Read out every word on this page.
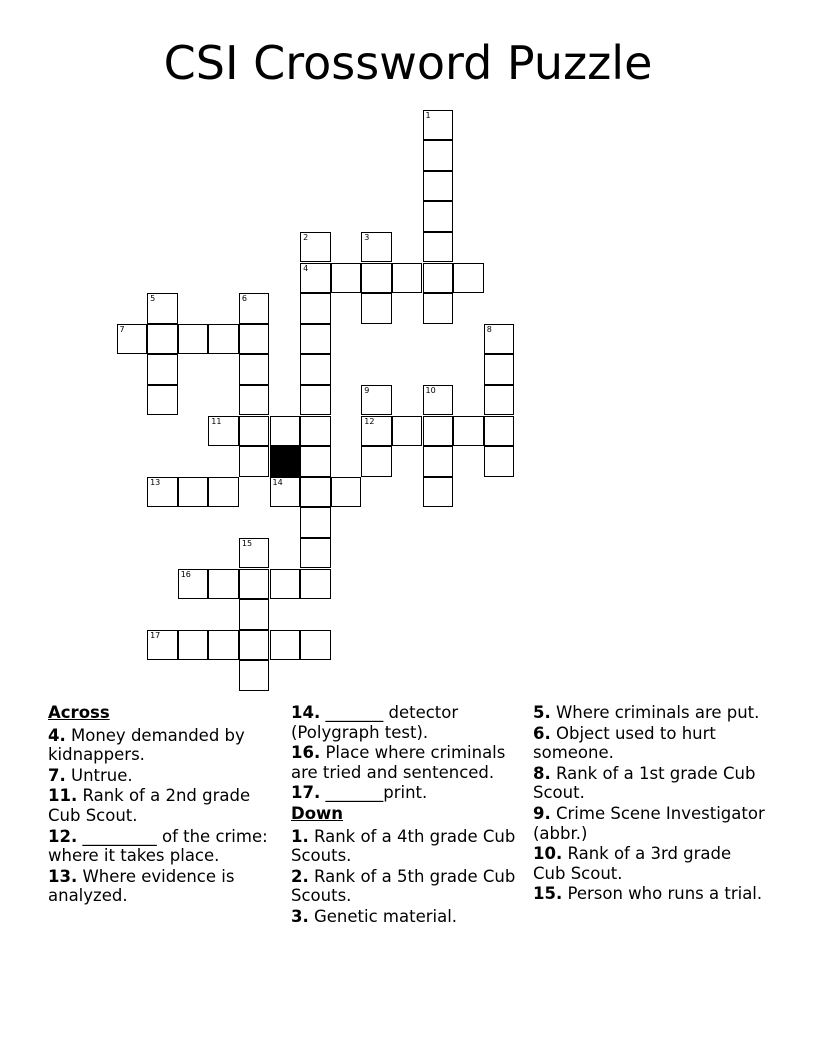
CSI Crossword Puzzle
1
2	3
4
5	6
7	8
9	10
11	12
13	14
15
16
17
Across
4. Money demanded by kidnappers.
7. Untrue.
11. Rank of a 2nd grade Cub Scout.
12. _________ of the crime: where it takes place.
13. Where evidence is analyzed.
14. _______ detector (Polygraph test).
16. Place where criminals are tried and sentenced.
17. _______print.
Down
1. Rank of a 4th grade Cub Scouts.
2. Rank of a 5th grade Cub Scouts.
3. Genetic material.
5. Where criminals are put.
6. Object used to hurt someone.
8. Rank of a 1st grade Cub Scout.
9. Crime Scene Investigator (abbr.)
10. Rank of a 3rd grade Cub Scout.
15. Person who runs a trial.
